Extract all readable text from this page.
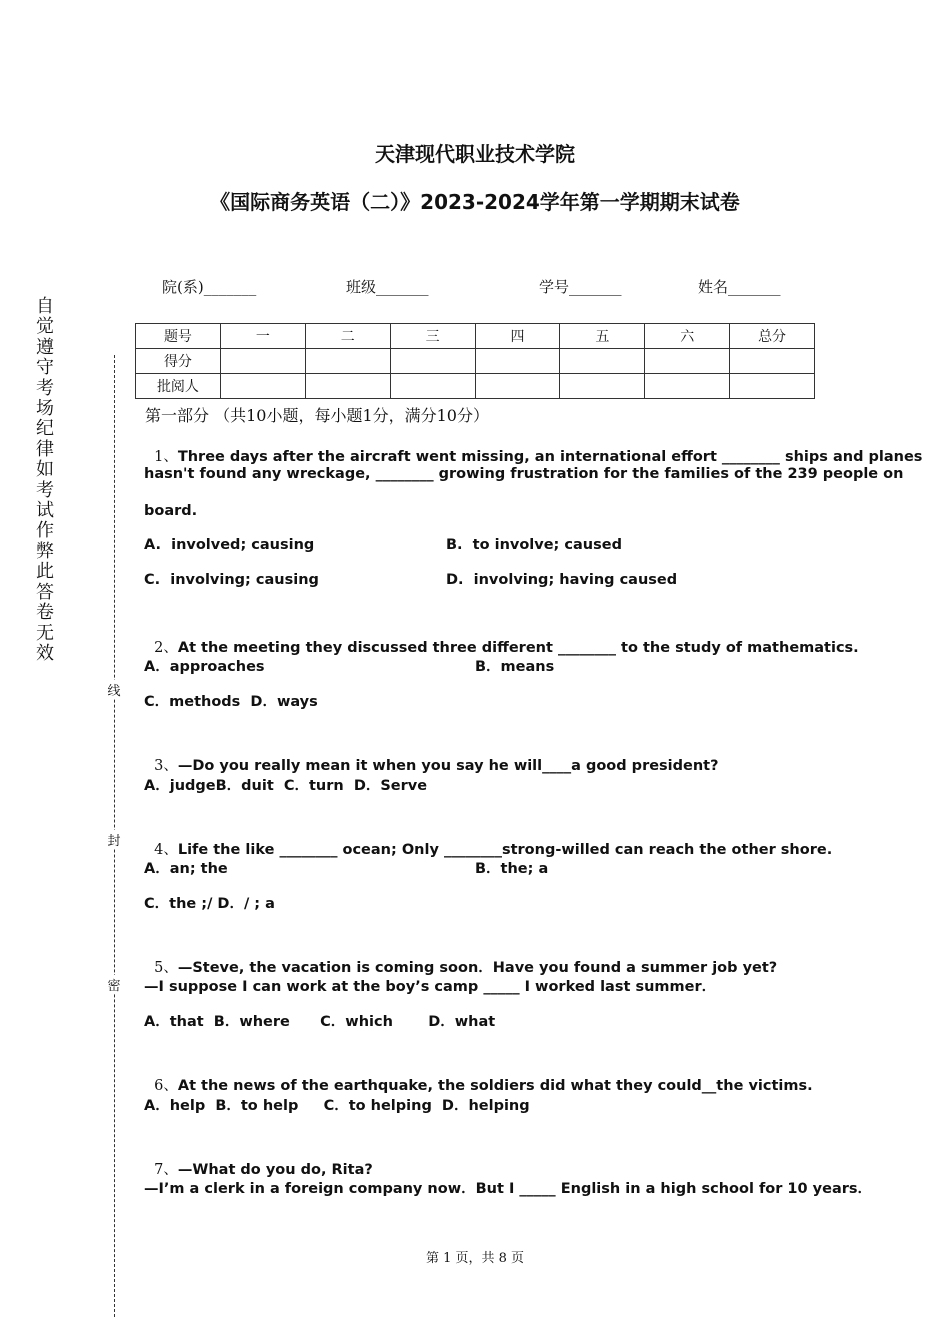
天津现代职业技术学院
《国际商务英语（二）》2023-2024学年第一学期期末试卷
院(系)_______	班级_______	学号_______	姓名_______
自觉遵守考场纪律如考试作弊此答卷无效
线
封
密
题号	一	二	三	四	五	六	总分
得分							
批阅人							
第一部分 （共10小题，每小题1分，满分10分）

1、Three days after the aircraft went missing, an international effort ________ ships and planes

hasn't found any wreckage, ________ growing frustration for the families of the 239 people on
board.
A.  involved; causing	B.  to involve; caused
C.  involving; causing	D.  involving; having caused

2、At the meeting they discussed three different ________ to the study of mathematics.

A．approaches	B．means
C．methods  D．ways

3、—Do you really mean it when you say he will____a good president?

A．judgeB．duit  C．turn  D．Serve

4、Life the like ________ ocean; Only ________strong-willed can reach the other shore.

A．an; the	B．the; a
C．the ;/ D．/ ; a

5、—Steve, the vacation is coming soon．Have you found a summer job yet?

—I suppose I can work at the boy’s camp _____ I worked last summer．
A．that  B．where      C．which       D．what

6、At the news of the earthquake, the soldiers did what they could__the victims.

A．help  B．to help     C．to helping  D．helping

7、—What do you do, Rita?

—I’m a clerk in a foreign company now．But I _____ English in a high school for 10 years．
第 1 页，共 8 页
